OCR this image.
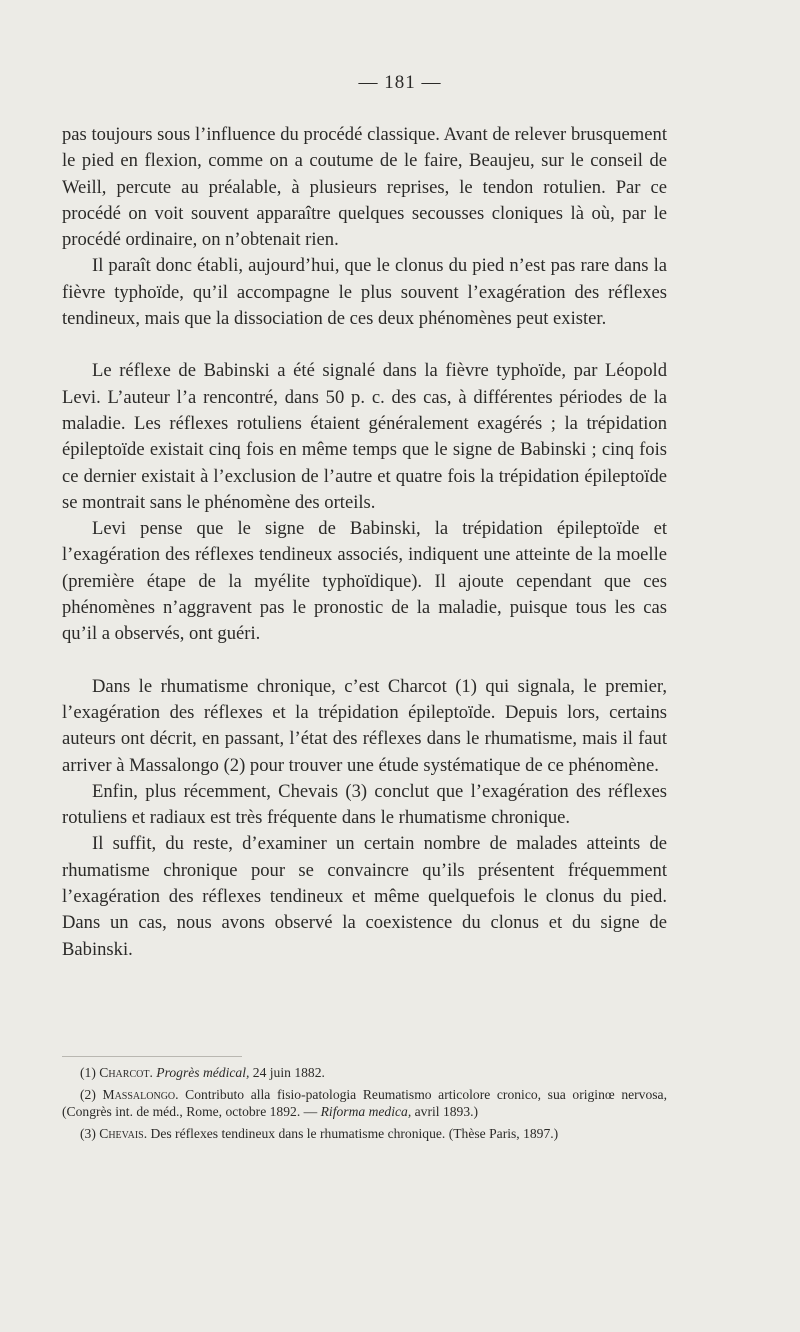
— 181 —

pas toujours sous l’influence du procédé classique. Avant de relever brusquement le pied en flexion, comme on a coutume de le faire, Beaujeu, sur le conseil de Weill, percute au préalable, à plusieurs reprises, le tendon rotulien. Par ce procédé on voit souvent apparaître quelques secousses cloniques là où, par le procédé ordinaire, on n’obtenait rien.

Il paraît donc établi, aujourd’hui, que le clonus du pied n’est pas rare dans la fièvre typhoïde, qu’il accompagne le plus souvent l’exagération des réflexes tendineux, mais que la dissociation de ces deux phénomènes peut exister.

Le réflexe de Babinski a été signalé dans la fièvre typhoïde, par Léopold Levi. L’auteur l’a rencontré, dans 50 p. c. des cas, à différentes périodes de la maladie. Les réflexes rotuliens étaient généralement exagérés ; la trépidation épileptoïde existait cinq fois en même temps que le signe de Babinski ; cinq fois ce dernier existait à l’exclusion de l’autre et quatre fois la trépidation épileptoïde se montrait sans le phénomène des orteils.

Levi pense que le signe de Babinski, la trépidation épileptoïde et l’exagération des réflexes tendineux associés, indiquent une atteinte de la moelle (première étape de la myélite typhoïdique). Il ajoute cependant que ces phénomènes n’aggravent pas le pronostic de la maladie, puisque tous les cas qu’il a observés, ont guéri.

Dans le rhumatisme chronique, c’est Charcot (1) qui signala, le premier, l’exagération des réflexes et la trépidation épileptoïde. Depuis lors, certains auteurs ont décrit, en passant, l’état des réflexes dans le rhumatisme, mais il faut arriver à Massalongo (2) pour trouver une étude systématique de ce phénomène.

Enfin, plus récemment, Chevais (3) conclut que l’exagération des réflexes rotuliens et radiaux est très fréquente dans le rhumatisme chronique.

Il suffit, du reste, d’examiner un certain nombre de malades atteints de rhumatisme chronique pour se convaincre qu’ils présentent fréquemment l’exagération des réflexes tendineux et même quelquefois le clonus du pied. Dans un cas, nous avons observé la coexistence du clonus et du signe de Babinski.

(1) Charcot. Progrès médical, 24 juin 1882.

(2) Massalongo. Contributo alla fisio-patologia Reumatismo articolore cronico, sua originœ nervosa, (Congrès int. de méd., Rome, octobre 1892. — Riforma medica, avril 1893.)

(3) Chevais. Des réflexes tendineux dans le rhumatisme chronique. (Thèse Paris, 1897.)
